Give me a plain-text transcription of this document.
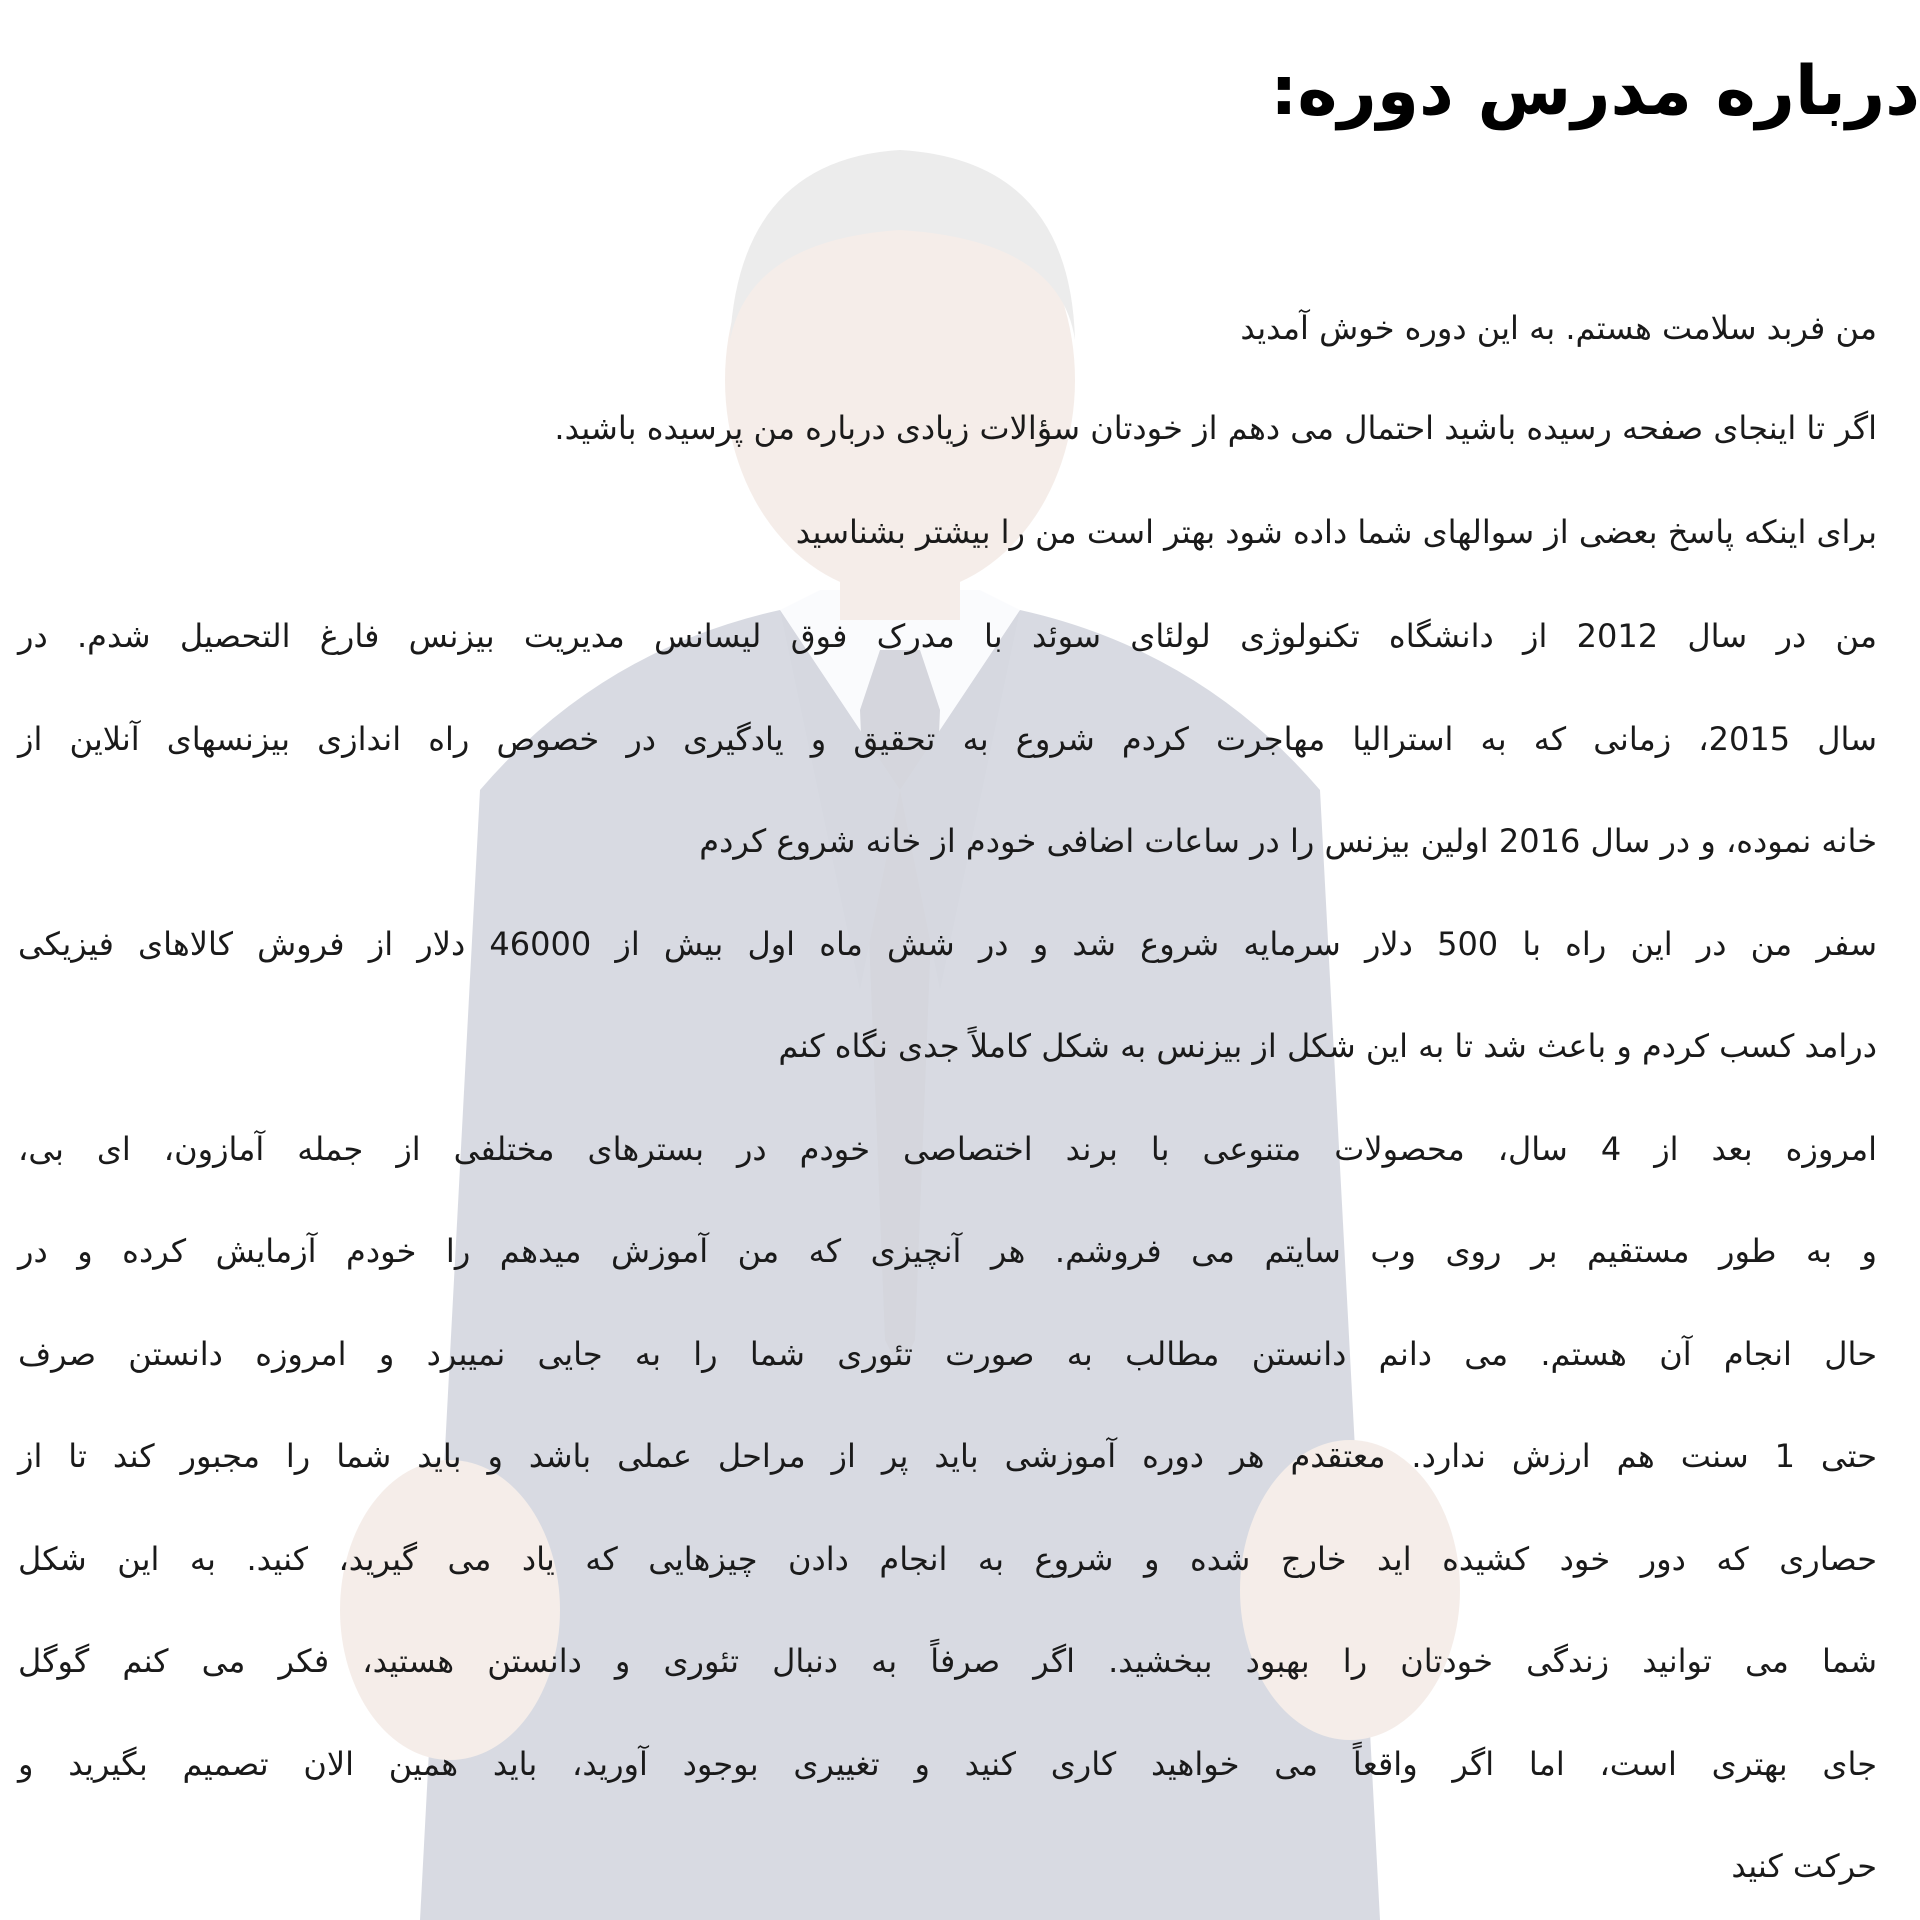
درباره مدرس دوره:

من فربد سلامت هستم. به این دوره خوش آمدید

اگر تا اینجای صفحه رسیده باشید احتمال می دهم از خودتان سؤالات زیادی درباره من پرسیده باشید.

برای اینکه پاسخ بعضی از سوالهای شما داده شود بهتر است من را بیشتر بشناسید

من در سال 2012 از دانشگاه تکنولوژی لولئای سوئد با مدرک فوق لیسانس مدیریت بیزنس فارغ التحصیل شدم. در

سال 2015، زمانی که به استرالیا مهاجرت کردم شروع به تحقیق و یادگیری در خصوص راه اندازی بیزنسهای آنلاین از

خانه نموده، و در سال 2016 اولین بیزنس را در ساعات اضافی خودم از خانه شروع کردم

سفر من در این راه با 500 دلار سرمایه شروع شد و در شش ماه اول بیش از 46000 دلار از فروش کالاهای فیزیکی

درامد کسب کردم و باعث شد تا به این شکل از بیزنس به شکل کاملاً جدی نگاه کنم

امروزه بعد از 4 سال، محصولات متنوعی با برند اختصاصی خودم در بسترهای مختلفی از جمله آمازون، ای بی،

و به طور مستقیم بر روی وب سایتم می فروشم. هر آنچیزی که من آموزش میدهم را خودم آزمایش کرده و در

حال انجام آن هستم. می دانم دانستن مطالب به صورت تئوری شما را به جایی نمیبرد و امروزه دانستن صرف

حتی 1 سنت هم ارزش ندارد. معتقدم هر دوره آموزشی باید پر از مراحل عملی باشد و باید شما را مجبور کند تا از

حصاری که دور خود کشیده اید خارج شده و شروع به انجام دادن چیزهایی که یاد می گیرید، کنید. به این شکل

شما می توانید زندگی خودتان را بهبود ببخشید. اگر صرفاً به دنبال تئوری و دانستن هستید، فکر می کنم گوگل

جای بهتری است، اما اگر واقعاً می خواهید کاری کنید و تغییری بوجود آورید، باید همین الان تصمیم بگیرید و

حرکت کنید
